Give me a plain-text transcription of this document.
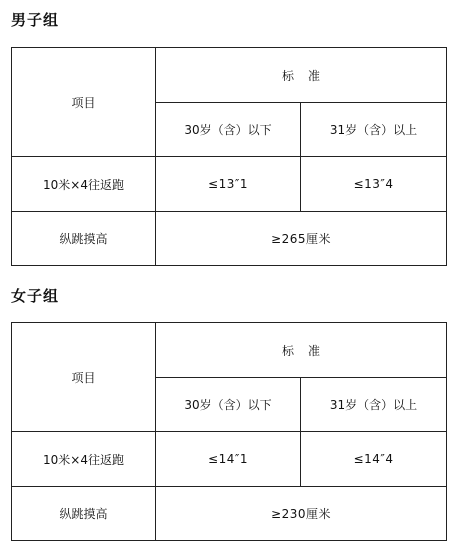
男子组
项目	标准	
	30岁（含）以下	31岁（含）以上
10米×4往返跑	≤13″1	≤13″4
纵跳摸高	≥265厘米	
女子组
项目	标准	
	30岁（含）以下	31岁（含）以上
10米×4往返跑	≤14″1	≤14″4
纵跳摸高	≥230厘米	
